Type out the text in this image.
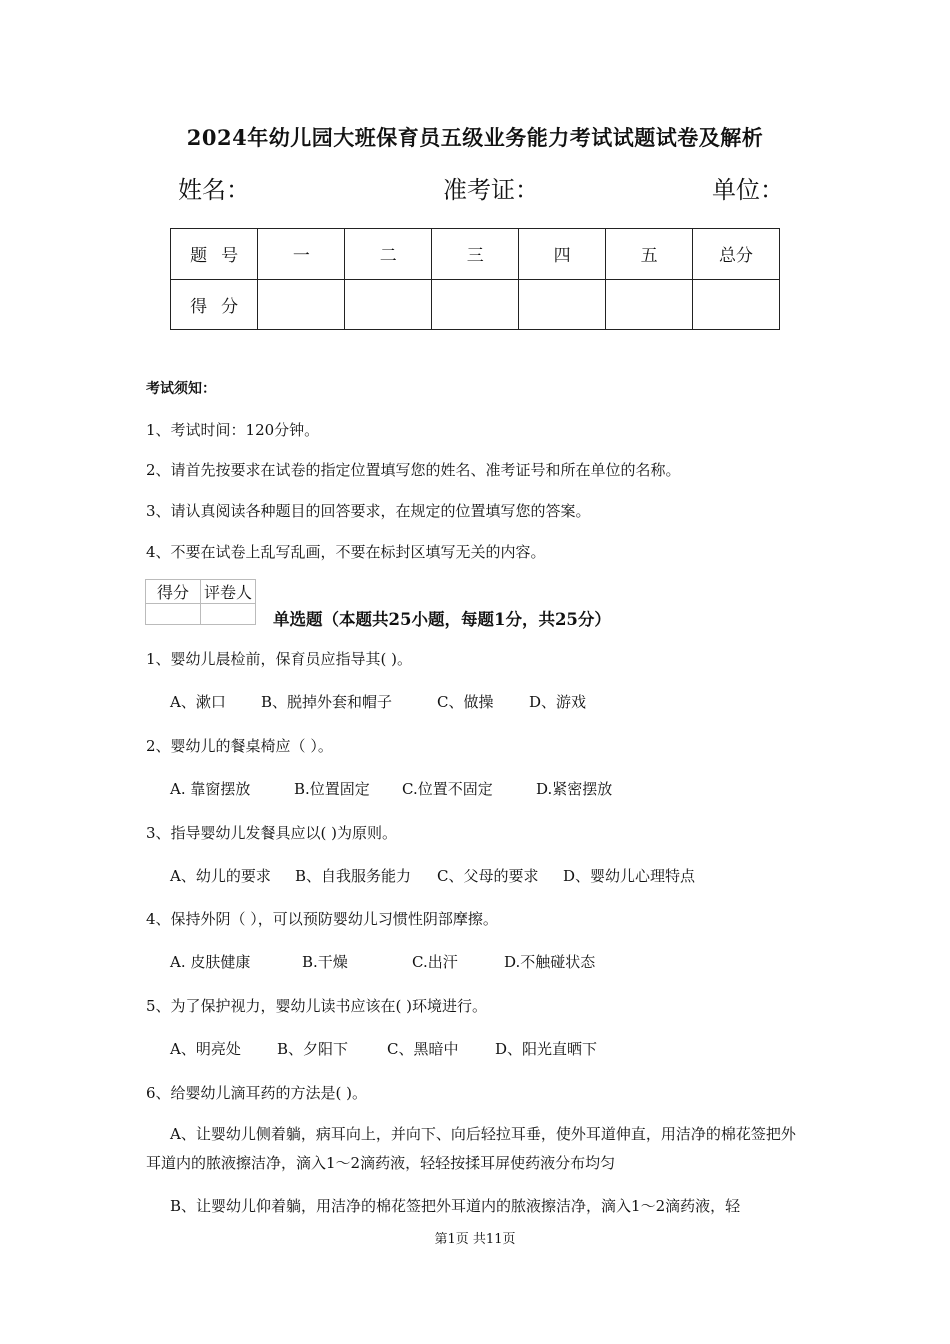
2024年幼儿园大班保育员五级业务能力考试试题试卷及解析
姓名：	准考证：	单位：
题号	一	二	三	四	五	总分
得分						
考试须知：
1、考试时间：120分钟。
2、请首先按要求在试卷的指定位置填写您的姓名、准考证号和所在单位的名称。
3、请认真阅读各种题目的回答要求，在规定的位置填写您的答案。
4、不要在试卷上乱写乱画，不要在标封区填写无关的内容。
得分	评卷人

单选题（本题共25小题，每题1分，共25分）
1、婴幼儿晨检前，保育员应指导其( )。
A、漱口 B、脱掉外套和帽子	C、做操 D、游戏
2、婴幼儿的餐桌椅应（ ）。
A. 靠窗摆放	B.位置固定 C.位置不固定	D.紧密摆放
3、指导婴幼儿发餐具应以( )为原则。
A、幼儿的要求 B、自我服务能力 C、父母的要求 D、婴幼儿心理特点
4、保持外阴（ ），可以预防婴幼儿习惯性阴部摩擦。
A. 皮肤健康	B.干燥	C.出汗	D.不触碰状态
5、为了保护视力，婴幼儿读书应该在( )环境进行。
A、明亮处 B、夕阳下	C、黑暗中 D、阳光直晒下
6、给婴幼儿滴耳药的方法是( )。
A、让婴幼儿侧着躺，病耳向上，并向下、向后轻拉耳垂，使外耳道伸直，用洁净的棉花签把外耳道内的脓液擦洁净，滴入1～2滴药液，轻轻按揉耳屏使药液分布均匀
B、让婴幼儿仰着躺，用洁净的棉花签把外耳道内的脓液擦洁净，滴入1～2滴药液，轻
第1页 共11页
